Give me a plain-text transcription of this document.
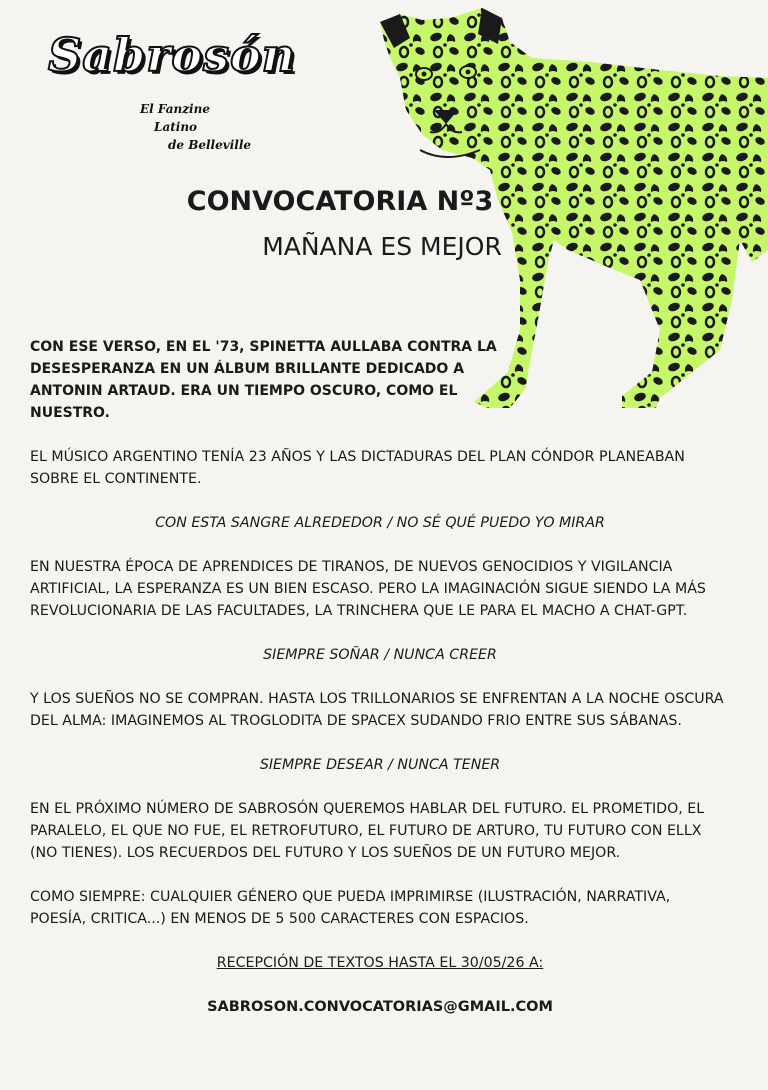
Sabrosón
El Fanzine
Latino
de Belleville
CONVOCATORIA Nº3
MAÑANA ES MEJOR

CON ESE VERSO, EN EL '73, SPINETTA AULLABA CONTRA LA DESESPERANZA EN UN ÁLBUM BRILLANTE DEDICADO A ANTONIN ARTAUD. ERA UN TIEMPO OSCURO, COMO EL NUESTRO.

EL MÚSICO ARGENTINO TENÍA 23 AÑOS Y LAS DICTADURAS DEL PLAN CÓNDOR PLANEABAN SOBRE EL CONTINENTE.

CON ESTA SANGRE ALREDEDOR / NO SÉ QUÉ PUEDO YO MIRAR

EN NUESTRA ÉPOCA DE APRENDICES DE TIRANOS, DE NUEVOS GENOCIDIOS Y VIGILANCIA ARTIFICIAL, LA ESPERANZA ES UN BIEN ESCASO. PERO LA IMAGINACIÓN SIGUE SIENDO LA MÁS REVOLUCIONARIA DE LAS FACULTADES, LA TRINCHERA QUE LE PARA EL MACHO A CHAT-GPT.

SIEMPRE SOÑAR / NUNCA CREER

Y LOS SUEÑOS NO SE COMPRAN. HASTA LOS TRILLONARIOS SE ENFRENTAN A LA NOCHE OSCURA DEL ALMA: IMAGINEMOS AL TROGLODITA DE SPACEX SUDANDO FRIO ENTRE SUS SÁBANAS.

SIEMPRE DESEAR / NUNCA TENER

EN EL PRÓXIMO NÚMERO DE SABROSÓN QUEREMOS HABLAR DEL FUTURO. EL PROMETIDO, EL PARALELO, EL QUE NO FUE, EL RETROFUTURO, EL FUTURO DE ARTURO, TU FUTURO CON ELLX (NO TIENES). LOS RECUERDOS DEL FUTURO Y LOS SUEÑOS DE UN FUTURO MEJOR.

COMO SIEMPRE: CUALQUIER GÉNERO QUE PUEDA IMPRIMIRSE (ILUSTRACIÓN, NARRATIVA, POESÍA, CRITICA...) EN MENOS DE 5 500 CARACTERES CON ESPACIOS.

RECEPCIÓN DE TEXTOS HASTA EL 30/05/26 A:

SABROSON.CONVOCATORIAS@GMAIL.COM
